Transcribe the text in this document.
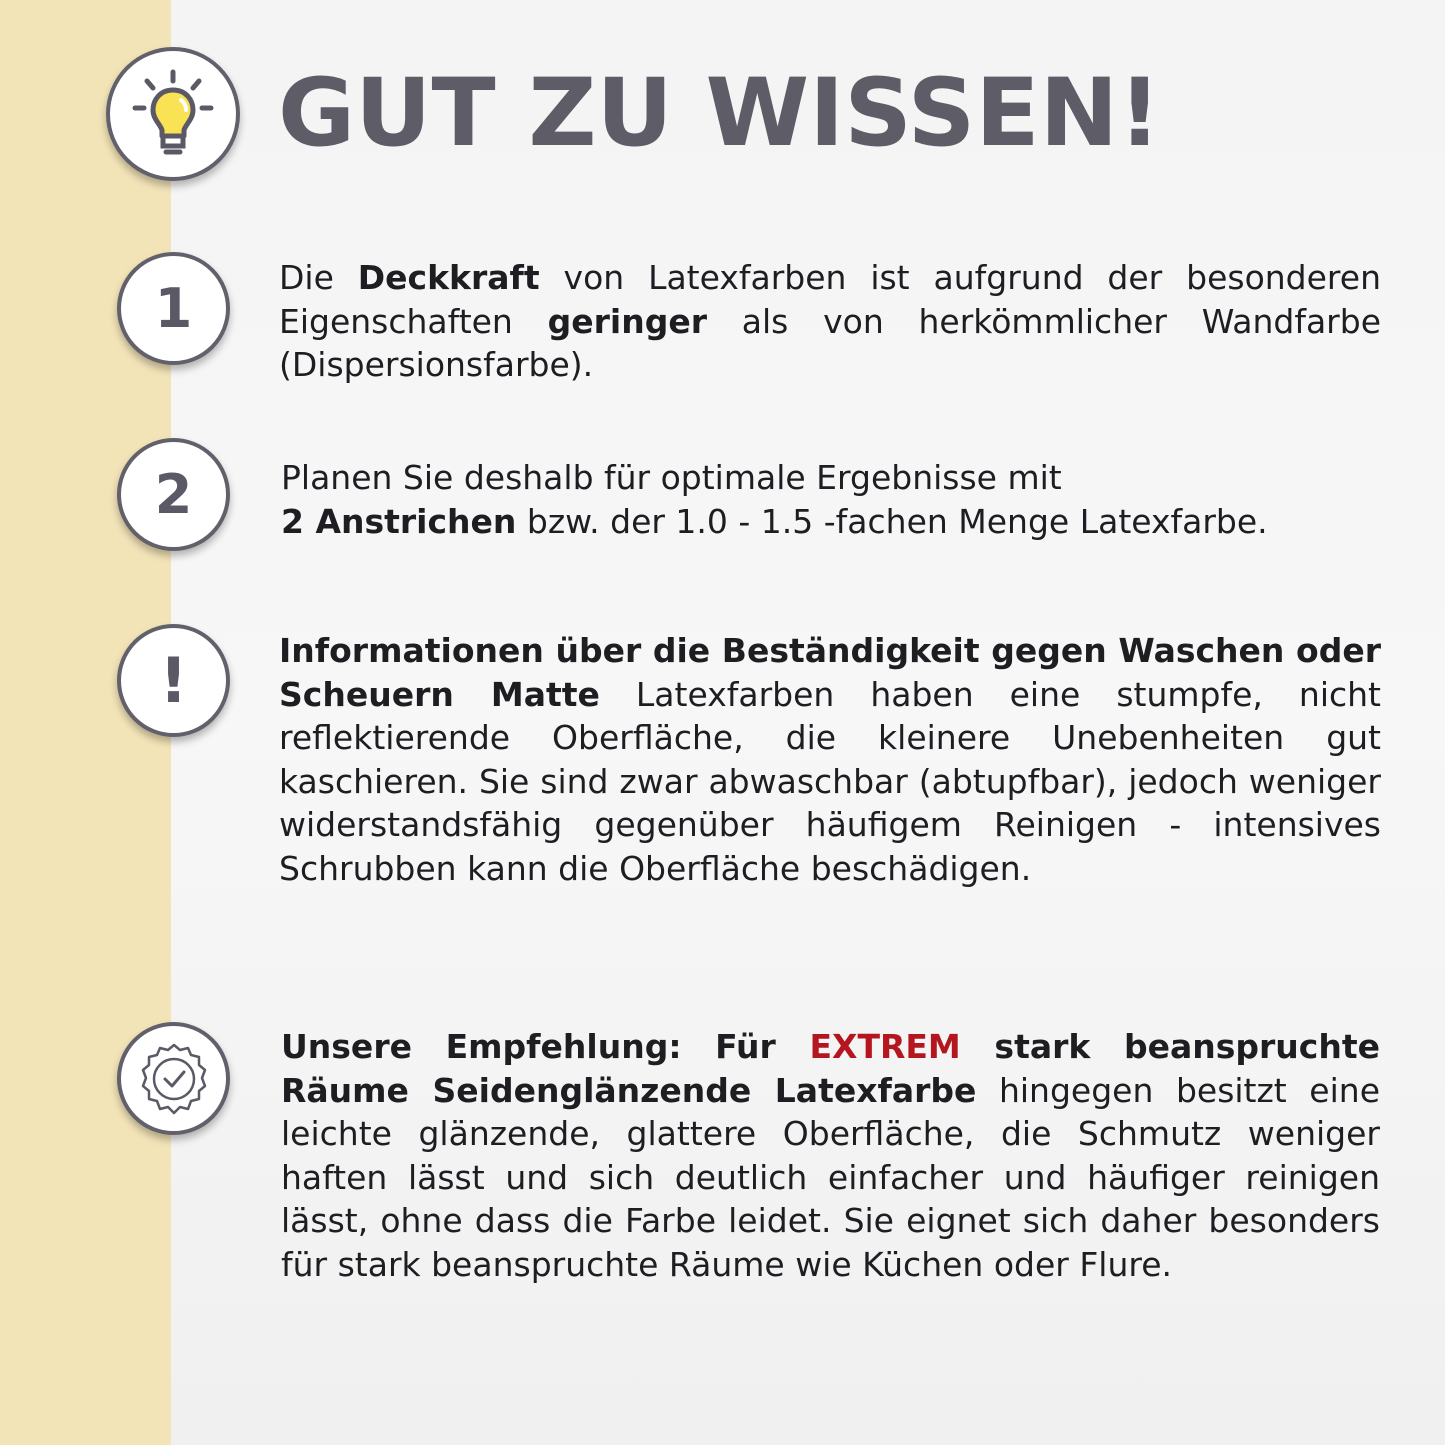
GUT ZU WISSEN!
1	Die Deckkraft von Latexfarben ist aufgrund der besonderen Eigenschaften geringer als von herkömmlicher Wandfarbe (Dispersionsfarbe).

2	Planen Sie deshalb für optimale Ergebnisse mit
2 Anstrichen bzw. der 1.0 - 1.5 -fachen Menge Latexfarbe.

!	Informationen über die Beständigkeit gegen Waschen oder Scheuern Matte Latexfarben haben eine stumpfe, nicht reflektierende Oberfläche, die kleinere Unebenheiten gut kaschieren. Sie sind zwar abwaschbar (abtupfbar), jedoch weniger widerstandsfähig gegenüber häufigem Reinigen - intensives Schrubben kann die Oberfläche beschädigen.

Unsere Empfehlung: Für EXTREM stark beanspruchte Räume Seidenglänzende Latexfarbe hingegen besitzt eine leichte glänzende, glattere Oberfläche, die Schmutz weniger haften lässt und sich deutlich einfacher und häufiger reinigen lässt, ohne dass die Farbe leidet. Sie eignet sich daher besonders für stark beanspruchte Räume wie Küchen oder Flure.
